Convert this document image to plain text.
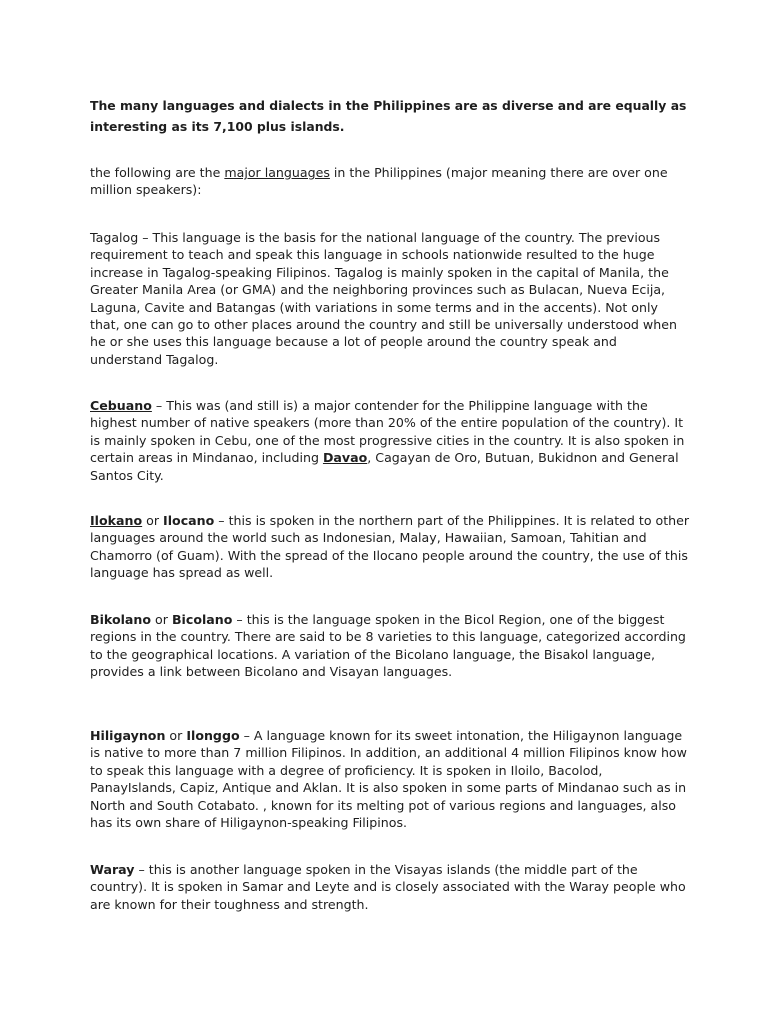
The many languages and dialects in the Philippines are as diverse and are equally as interesting as its 7,100 plus islands.

the following are the major languages in the Philippines (major meaning there are over one million speakers):

Tagalog – This language is the basis for the national language of the country. The previous requirement to teach and speak this language in schools nationwide resulted to the huge increase in Tagalog-speaking Filipinos. Tagalog is mainly spoken in the capital of Manila, the Greater Manila Area (or GMA) and the neighboring provinces such as Bulacan, Nueva Ecija, Laguna, Cavite and Batangas (with variations in some terms and in the accents). Not only that, one can go to other places around the country and still be universally understood when he or she uses this language because a lot of people around the country speak and understand Tagalog.

Cebuano – This was (and still is) a major contender for the Philippine language with the highest number of native speakers (more than 20% of the entire population of the country). It is mainly spoken in Cebu, one of the most progressive cities in the country. It is also spoken in certain areas in Mindanao, including Davao, Cagayan de Oro, Butuan, Bukidnon and General Santos City.

Ilokano or Ilocano – this is spoken in the northern part of the Philippines. It is related to other languages around the world such as Indonesian, Malay, Hawaiian, Samoan, Tahitian and Chamorro (of Guam). With the spread of the Ilocano people around the country, the use of this language has spread as well.

Bikolano or Bicolano – this is the language spoken in the Bicol Region, one of the biggest regions in the country. There are said to be 8 varieties to this language, categorized according to the geographical locations. A variation of the Bicolano language, the Bisakol language, provides a link between Bicolano and Visayan languages.

Hiligaynon or Ilonggo – A language known for its sweet intonation, the Hiligaynon language is native to more than 7 million Filipinos. In addition, an additional 4 million Filipinos know how to speak this language with a degree of proficiency. It is spoken in Iloilo, Bacolod, PanayIslands, Capiz, Antique and Aklan. It is also spoken in some parts of Mindanao such as in North and South Cotabato. , known for its melting pot of various regions and languages, also has its own share of Hiligaynon-speaking Filipinos.

Waray – this is another language spoken in the Visayas islands (the middle part of the country). It is spoken in Samar and Leyte and is closely associated with the Waray people who are known for their toughness and strength.
